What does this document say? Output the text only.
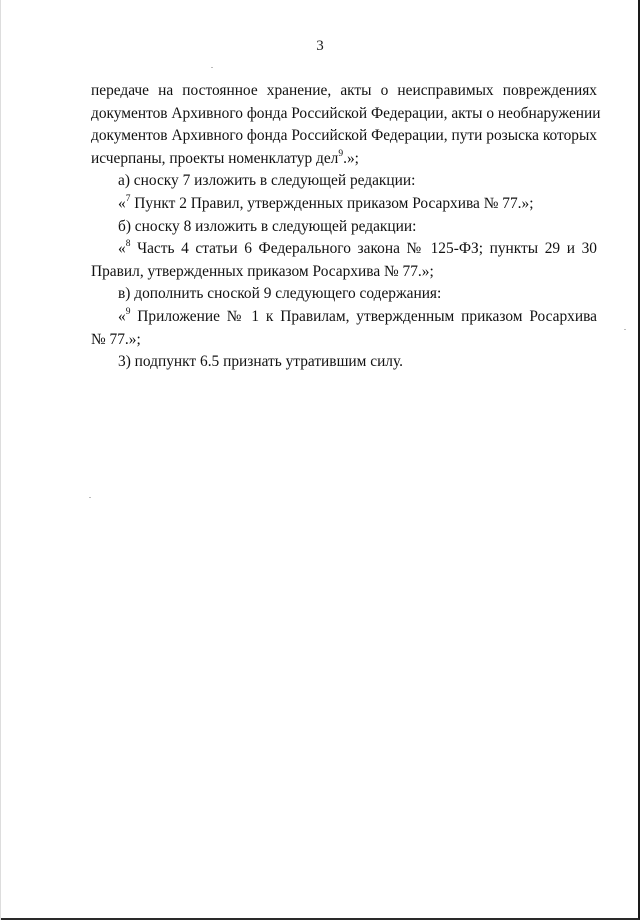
3
передаче на постоянное хранение, акты о неисправимых повреждениях
документов Архивного фонда Российской Федерации, акты о необнаружении
документов Архивного фонда Российской Федерации, пути розыска которых
исчерпаны, проекты номенклатур дел$^9$.»;
а) сноску 7 изложить в следующей редакции:
«$^7$ Пункт 2 Правил, утвержденных приказом Росархива № 77.»;
б) сноску 8 изложить в следующей редакции:
«$^8$ Часть 4 статьи 6 Федерального закона № 125-ФЗ; пункты 29 и 30
Правил, утвержденных приказом Росархива № 77.»;
в) дополнить сноской 9 следующего содержания:
«$^9$ Приложение № 1 к Правилам, утвержденным приказом Росархива
№ 77.»;
3) подпункт 6.5 признать утратившим силу.
